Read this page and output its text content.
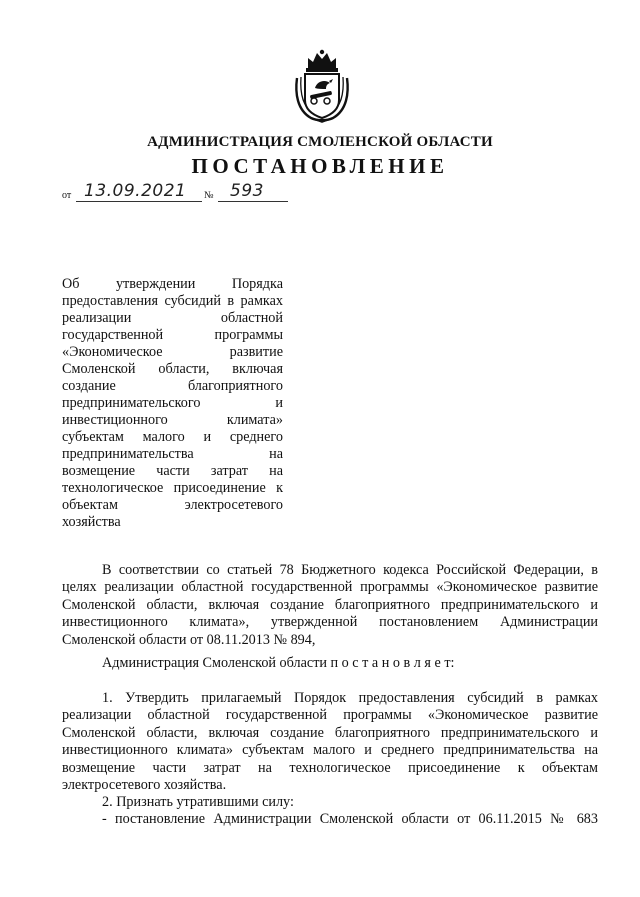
АДМИНИСТРАЦИЯ СМОЛЕНСКОЙ ОБЛАСТИ
ПОСТАНОВЛЕНИЕ
от 13.09.2021 № 593
Об утверждении Порядка
предоставления субсидий в рамках
реализации областной
государственной программы
«Экономическое развитие
Смоленской области, включая
создание благоприятного
предпринимательского и
инвестиционного климата»
субъектам малого и среднего
предпринимательства на
возмещение части затрат на
технологическое присоединение к
объектам электросетевого
хозяйства
В соответствии со статьей 78 Бюджетного кодекса Российской Федерации, в
целях реализации областной государственной программы «Экономическое развитие
Смоленской области, включая создание благоприятного предпринимательского и
инвестиционного климата», утвержденной постановлением Администрации
Смоленской области от 08.11.2013 № 894,
Администрация Смоленской области п о с т а н о в л я е т:
1. Утвердить прилагаемый Порядок предоставления субсидий в рамках
реализации областной государственной программы «Экономическое развитие
Смоленской области, включая создание благоприятного предпринимательского и
инвестиционного климата» субъектам малого и среднего предпринимательства на
возмещение части затрат на технологическое присоединение к объектам
электросетевого хозяйства.
2. Признать утратившими силу:
- постановление Администрации Смоленской области от 06.11.2015 № 683
